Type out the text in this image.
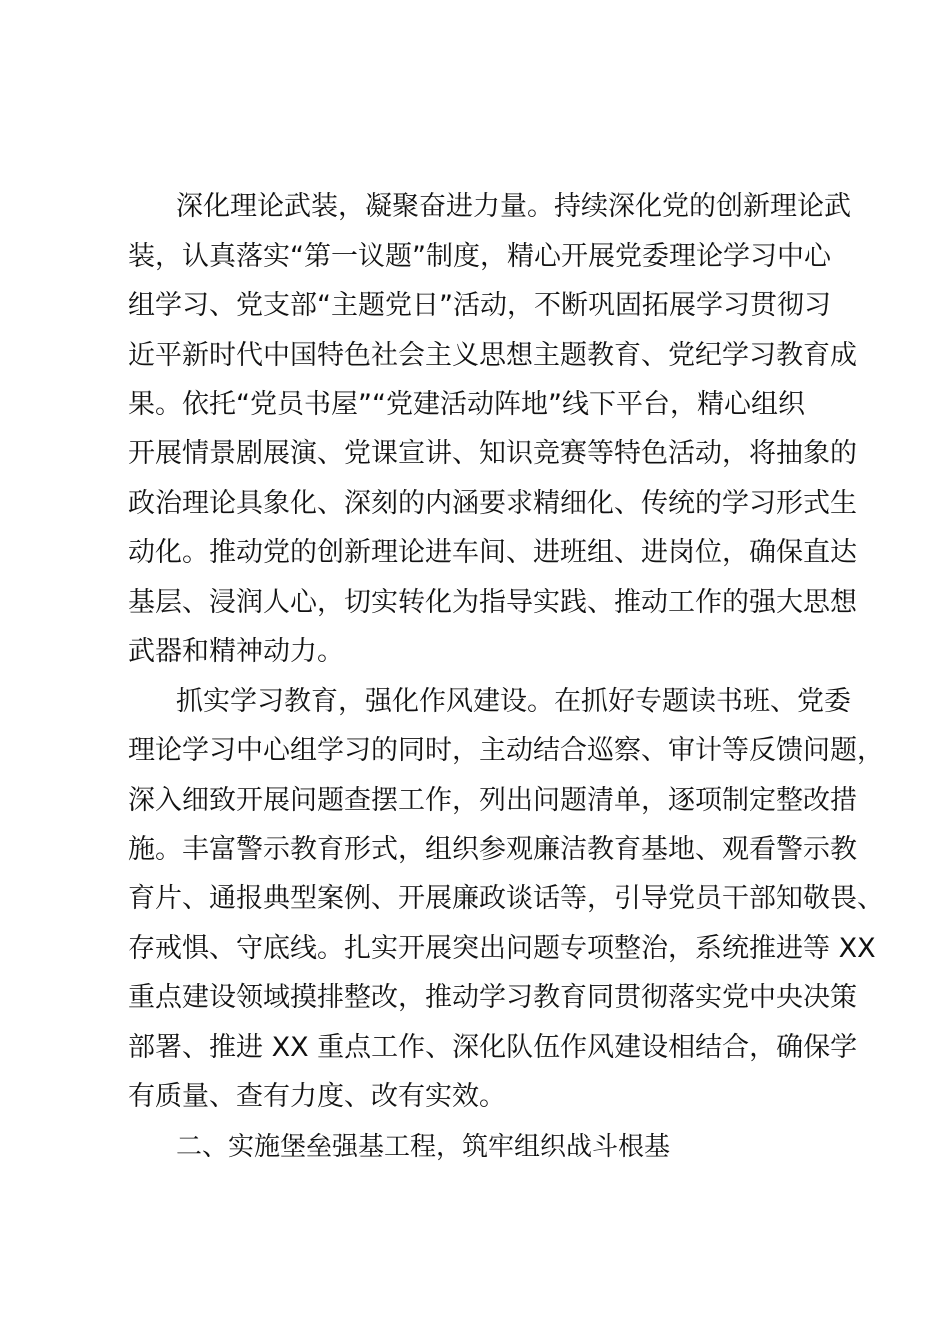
深化理论武装，凝聚奋进力量。持续深化党的创新理论武

装，认真落实“第一议题”制度，精心开展党委理论学习中心

组学习、党支部“主题党日”活动，不断巩固拓展学习贯彻习

近平新时代中国特色社会主义思想主题教育、党纪学习教育成

果。依托“党员书屋”“党建活动阵地”线下平台，精心组织

开展情景剧展演、党课宣讲、知识竞赛等特色活动，将抽象的

政治理论具象化、深刻的内涵要求精细化、传统的学习形式生

动化。推动党的创新理论进车间、进班组、进岗位，确保直达

基层、浸润人心，切实转化为指导实践、推动工作的强大思想

武器和精神动力。

抓实学习教育，强化作风建设。在抓好专题读书班、党委

理论学习中心组学习的同时，主动结合巡察、审计等反馈问题，

深入细致开展问题查摆工作，列出问题清单，逐项制定整改措

施。丰富警示教育形式，组织参观廉洁教育基地、观看警示教

育片、通报典型案例、开展廉政谈话等，引导党员干部知敬畏、

存戒惧、守底线。扎实开展突出问题专项整治，系统推进等 XX

重点建设领域摸排整改，推动学习教育同贯彻落实党中央决策

部署、推进 XX 重点工作、深化队伍作风建设相结合，确保学

有质量、查有力度、改有实效。

二、实施堡垒强基工程，筑牢组织战斗根基
